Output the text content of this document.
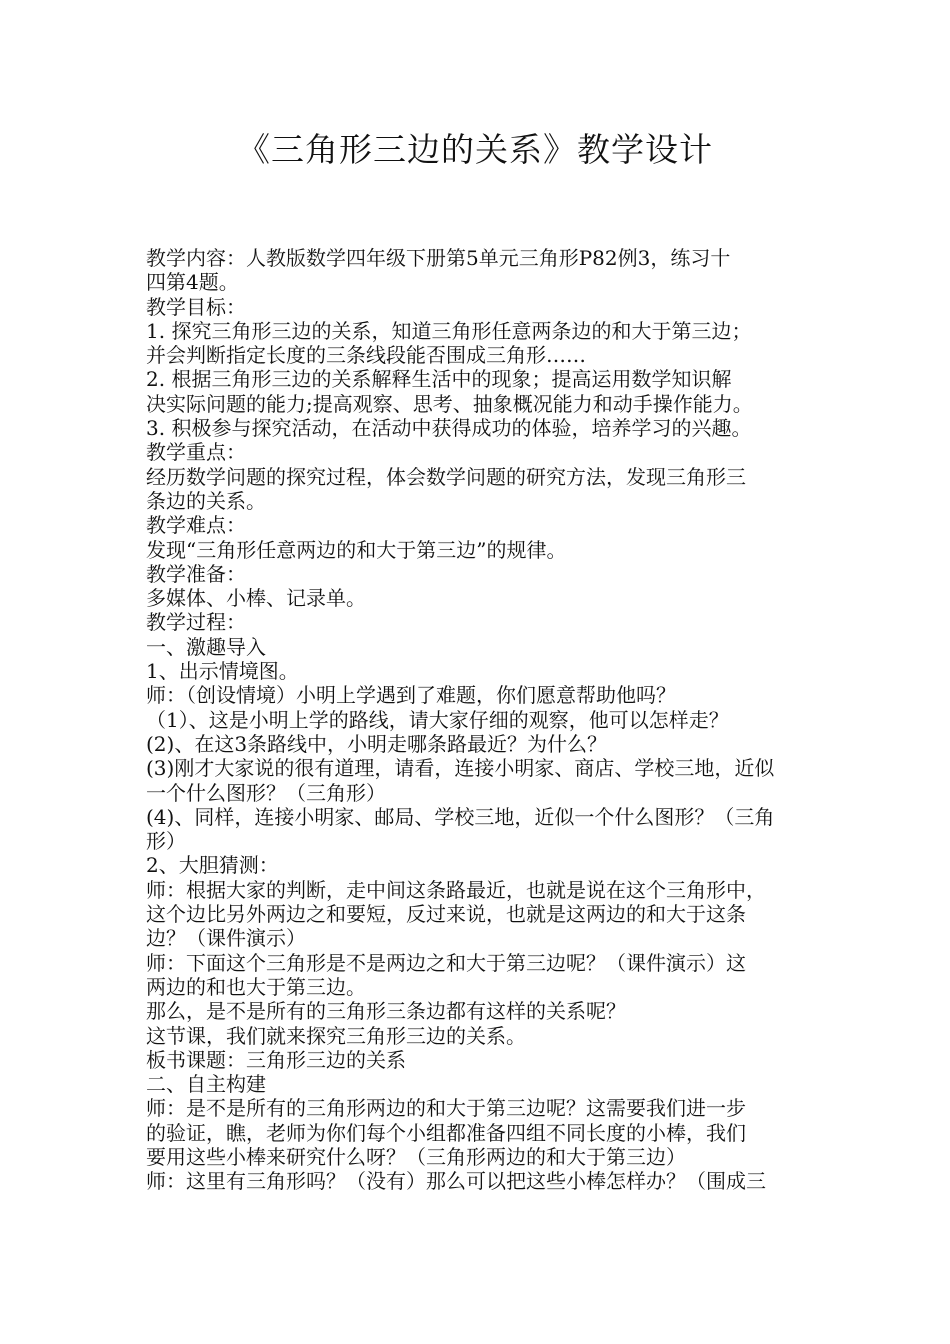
《三角形三边的关系》教学设计
教学内容：人教版数学四年级下册第5单元三角形P82例3，练习十
四第4题。
教学目标：
1. 探究三角形三边的关系，知道三角形任意两条边的和大于第三边；
并会判断指定长度的三条线段能否围成三角形……
2. 根据三角形三边的关系解释生活中的现象；提高运用数学知识解
决实际问题的能力;提高观察、思考、抽象概况能力和动手操作能力。
3. 积极参与探究活动，在活动中获得成功的体验，培养学习的兴趣。
教学重点：
经历数学问题的探究过程，体会数学问题的研究方法，发现三角形三
条边的关系。
教学难点：
发现“三角形任意两边的和大于第三边”的规律。
教学准备：
多媒体、小棒、记录单。
教学过程：
一、激趣导入
1、出示情境图。
师：（创设情境）小明上学遇到了难题，你们愿意帮助他吗？
（1）、这是小明上学的路线，请大家仔细的观察，他可以怎样走？
(2)、在这3条路线中，小明走哪条路最近？为什么？
(3)刚才大家说的很有道理，请看，连接小明家、商店、学校三地，近似
一个什么图形？（三角形）
(4)、同样，连接小明家、邮局、学校三地，近似一个什么图形？（三角
形）
2、大胆猜测：
师：根据大家的判断，走中间这条路最近，也就是说在这个三角形中，
这个边比另外两边之和要短，反过来说，也就是这两边的和大于这条
边？（课件演示）
师：下面这个三角形是不是两边之和大于第三边呢？（课件演示）这
两边的和也大于第三边。
那么，是不是所有的三角形三条边都有这样的关系呢？
这节课，我们就来探究三角形三边的关系。
板书课题：三角形三边的关系
二、自主构建
师：是不是所有的三角形两边的和大于第三边呢？这需要我们进一步
的验证，瞧，老师为你们每个小组都准备四组不同长度的小棒，我们
要用这些小棒来研究什么呀？（三角形两边的和大于第三边）
师：这里有三角形吗？（没有）那么可以把这些小棒怎样办？（围成三
